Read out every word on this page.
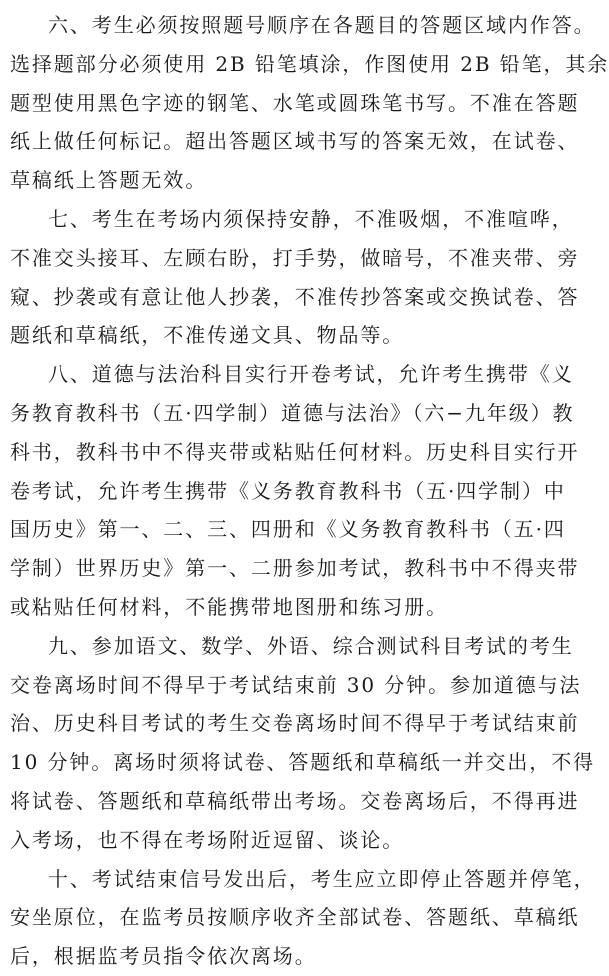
六、考生必须按照题号顺序在各题目的答题区域内作答。
选择题部分必须使用 2B 铅笔填涂，作图使用 2B 铅笔，其余
题型使用黑色字迹的钢笔、水笔或圆珠笔书写。不准在答题
纸上做任何标记。超出答题区域书写的答案无效，在试卷、
草稿纸上答题无效。
七、考生在考场内须保持安静，不准吸烟，不准喧哗，
不准交头接耳、左顾右盼，打手势，做暗号，不准夹带、旁
窥、抄袭或有意让他人抄袭，不准传抄答案或交换试卷、答
题纸和草稿纸，不准传递文具、物品等。
八、道德与法治科目实行开卷考试，允许考生携带《义
务教育教科书（五·四学制）道德与法治》（六−九年级）教
科书，教科书中不得夹带或粘贴任何材料。历史科目实行开
卷考试，允许考生携带《义务教育教科书（五·四学制）中
国历史》第一、二、三、四册和《义务教育教科书（五·四
学制）世界历史》第一、二册参加考试，教科书中不得夹带
或粘贴任何材料，不能携带地图册和练习册。
九、参加语文、数学、外语、综合测试科目考试的考生
交卷离场时间不得早于考试结束前 30 分钟。参加道德与法
治、历史科目考试的考生交卷离场时间不得早于考试结束前
10 分钟。离场时须将试卷、答题纸和草稿纸一并交出，不得
将试卷、答题纸和草稿纸带出考场。交卷离场后，不得再进
入考场，也不得在考场附近逗留、谈论。
十、考试结束信号发出后，考生应立即停止答题并停笔，
安坐原位，在监考员按顺序收齐全部试卷、答题纸、草稿纸
后，根据监考员指令依次离场。
